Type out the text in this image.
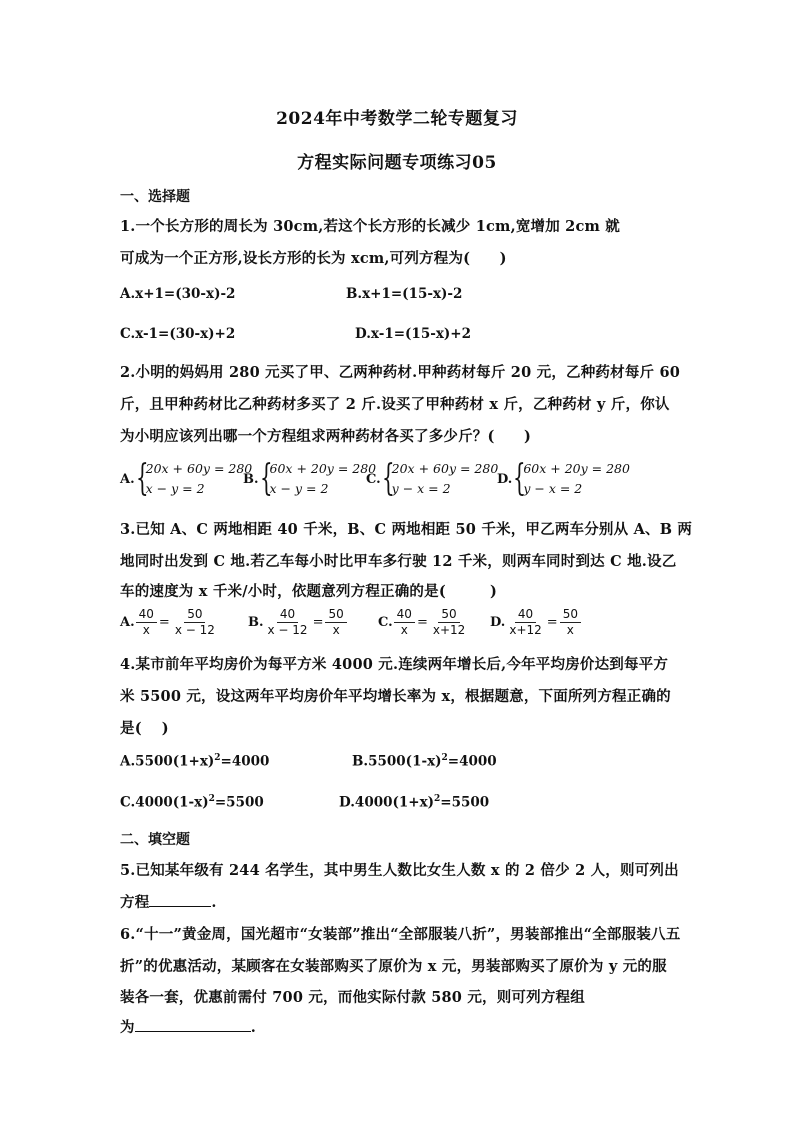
2024年中考数学二轮专题复习
方程实际问题专项练习05
一、选择题
1.一个长方形的周长为 30cm,若这个长方形的长减少 1cm,宽增加 2cm 就
可成为一个正方形,设长方形的长为 xcm,可列方程为(　　)
A.x+1=(30-x)-2	B.x+1=(15-x)-2
C.x-1=(30-x)+2	D.x-1=(15-x)+2
2.小明的妈妈用 280 元买了甲、乙两种药材.甲种药材每斤 20 元，乙种药材每斤 60
斤，且甲种药材比乙种药材多买了 2 斤.设买了甲种药材 x 斤，乙种药材 y 斤，你认
为小明应该列出哪一个方程组求两种药材各买了多少斤？(　　)
A. {
20x + 60y = 280
x − y = 2
B. {
60x + 20y = 280
x − y = 2
C. {
20x + 60y = 280
y − x = 2
D. {
60x + 20y = 280
y − x = 2
3.已知 A、C 两地相距 40 千米，B、C 两地相距 50 千米，甲乙两车分别从 A、B 两
地同时出发到 C 地.若乙车每小时比甲车多行驶 12 千米，则两车同时到达 C 地.设乙
车的速度为 x 千米/小时，依题意列方程正确的是(　　　)
A. $\frac{40}{x} = \frac{50}{x - 12} B$. $\frac{40}{x - 12} = \frac{50}{x} C$. $\frac{40}{x} = \frac{50}{x+12} D$. $\frac{40}{x+12} = \frac{50}{x}$
4.某市前年平均房价为每平方米 4000 元.连续两年增长后,今年平均房价达到每平方
米 5500 元，设这两年平均房价年平均增长率为 x，根据题意，下面所列方程正确的
是(　 )
$A.5500(1+x)^2=4000$	$B.5500(1-x)^2=4000$
$C.4000(1-x)^2=5500$	$D.4000(1+x)^2=5500$
二、填空题
5.已知某年级有 244 名学生，其中男生人数比女生人数 x 的 2 倍少 2 人，则可列出
方程	.
6.“十一”黄金周，国光超市“女装部”推出“全部服装八折”，男装部推出“全部服装八五
折”的优惠活动，某顾客在女装部购买了原价为 x 元，男装部购买了原价为 y 元的服
装各一套，优惠前需付 700 元，而他实际付款 580 元，则可列方程组
为	.
